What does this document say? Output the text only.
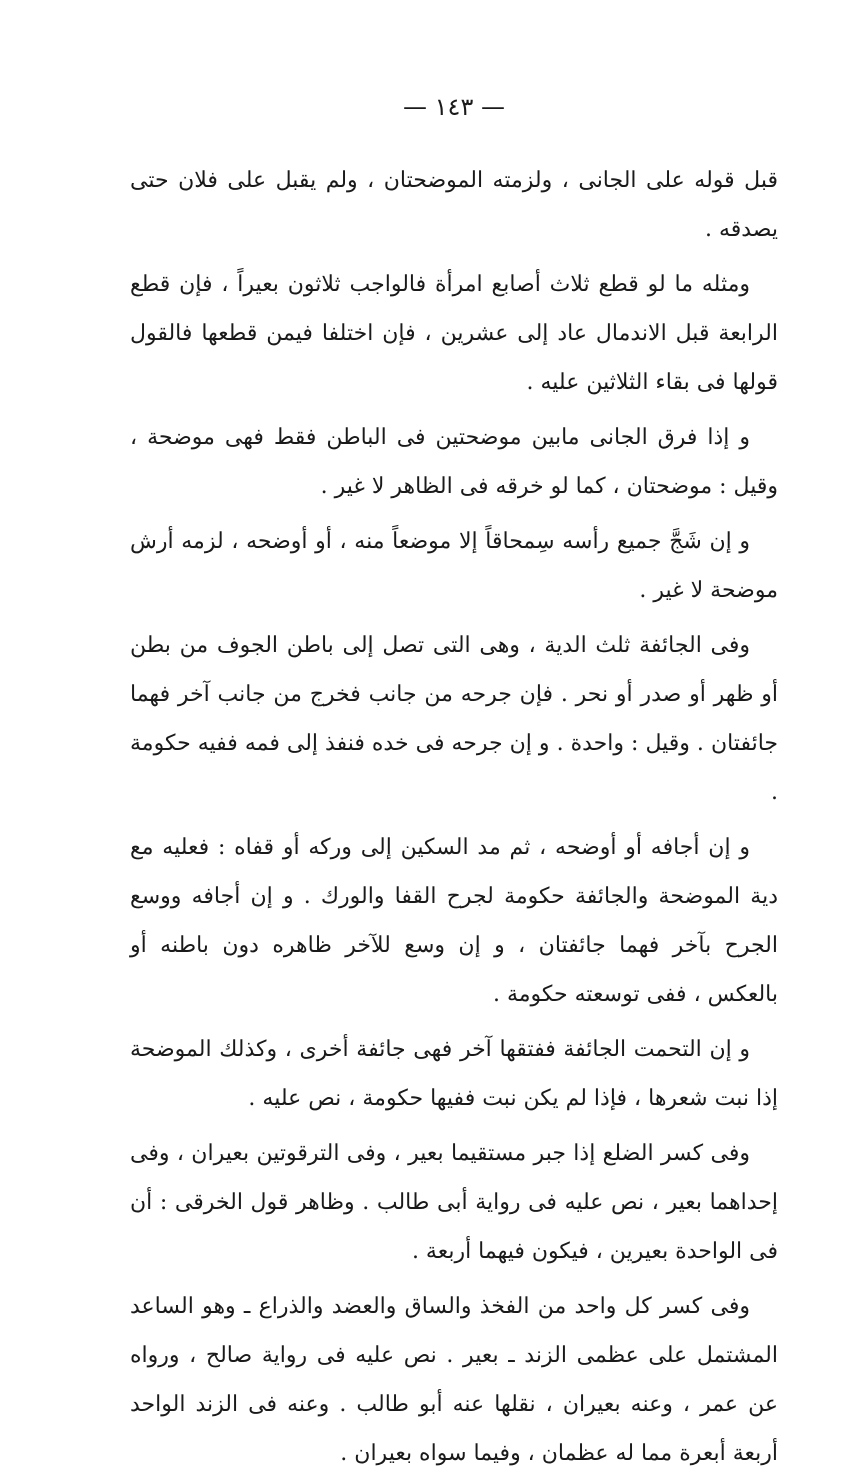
— ١٤٣ —

قبل قوله على الجانى ، ولزمته الموضحتان ، ولم يقبل على فلان حتى يصدقه .

ومثله ما لو قطع ثلاث أصابع امرأة فالواجب ثلاثون بعيراً ، فإن قطع الرابعة قبل الاندمال عاد إلى عشرين ، فإن اختلفا فيمن قطعها فالقول قولها فى بقاء الثلاثين عليه .

و إذا فرق الجانى مابين موضحتين فى الباطن فقط فهى موضحة ، وقيل : موضحتان ، كما لو خرقه فى الظاهر لا غير .

و إن شَجَّ جميع رأسه سِمحاقاً إلا موضعاً منه ، أو أوضحه ، لزمه أرش موضحة لا غير .

وفى الجائفة ثلث الدية ، وهى التى تصل إلى باطن الجوف من بطن أو ظهر أو صدر أو نحر . فإن جرحه من جانب فخرج من جانب آخر فهما جائفتان . وقيل : واحدة . و إن جرحه فى خده فنفذ إلى فمه ففيه حكومة .

و إن أجافه أو أوضحه ، ثم مد السكين إلى وركه أو قفاه : فعليه مع دية الموضحة والجائفة حكومة لجرح القفا والورك . و إن أجافه ووسع الجرح بآخر فهما جائفتان ، و إن وسع للآخر ظاهره دون باطنه أو بالعكس ، ففى توسعته حكومة .

و إن التحمت الجائفة ففتقها آخر فهى جائفة أخرى ، وكذلك الموضحة إذا نبت شعرها ، فإذا لم يكن نبت ففيها حكومة ، نص عليه .

وفى كسر الضلع إذا جبر مستقيما بعير ، وفى الترقوتين بعيران ، وفى إحداهما بعير ، نص عليه فى رواية أبى طالب . وظاهر قول الخرقى : أن فى الواحدة بعيرين ، فيكون فيهما أربعة .

وفى كسر كل واحد من الفخذ والساق والعضد والذراع ـ وهو الساعد المشتمل على عظمى الزند ـ بعير . نص عليه فى رواية صالح ، ورواه عن عمر ، وعنه بعيران ، نقلها عنه أبو طالب . وعنه فى الزند الواحد أربعة أبعرة مما له عظمان ، وفيما سواه بعيران .
